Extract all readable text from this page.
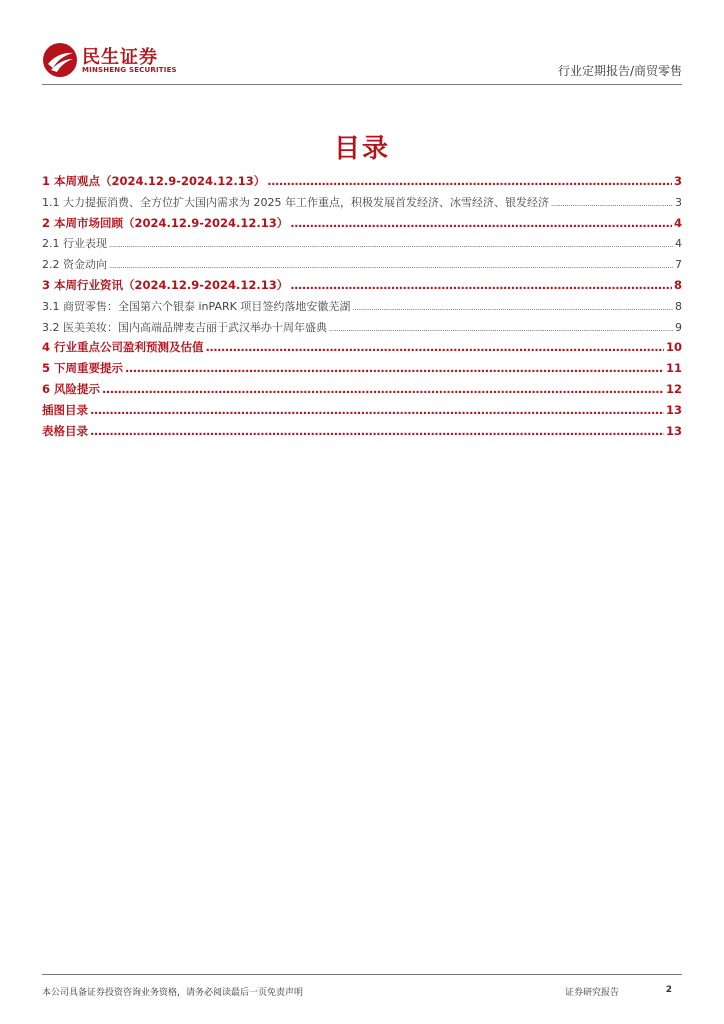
民生证券
MINSHENG SECURITIES	行业定期报告/商贸零售
目录
1 本周观点（2024.12.9-2024.12.13） .....	3
1.1 大力提振消费、全方位扩大国内需求为 2025 年工作重点，积极发展首发经济、冰雪经济、银发经济 .....	3
2 本周市场回顾（2024.12.9-2024.12.13） .....	4
2.1 行业表现 .....	4
2.2 资金动向 .....	7
3 本周行业资讯（2024.12.9-2024.12.13） .....	8
3.1 商贸零售：全国第六个银泰 inPARK 项目签约落地安徽芜湖 .....	8
3.2 医美美妆：国内高端品牌麦吉丽于武汉举办十周年盛典 .....	9
4 行业重点公司盈利预测及估值 .....	10
5 下周重要提示 .....	11
6 风险提示 .....	12
插图目录 .....	13
表格目录 .....	13
本公司具备证券投资咨询业务资格，请务必阅读最后一页免责声明	证券研究报告	2
